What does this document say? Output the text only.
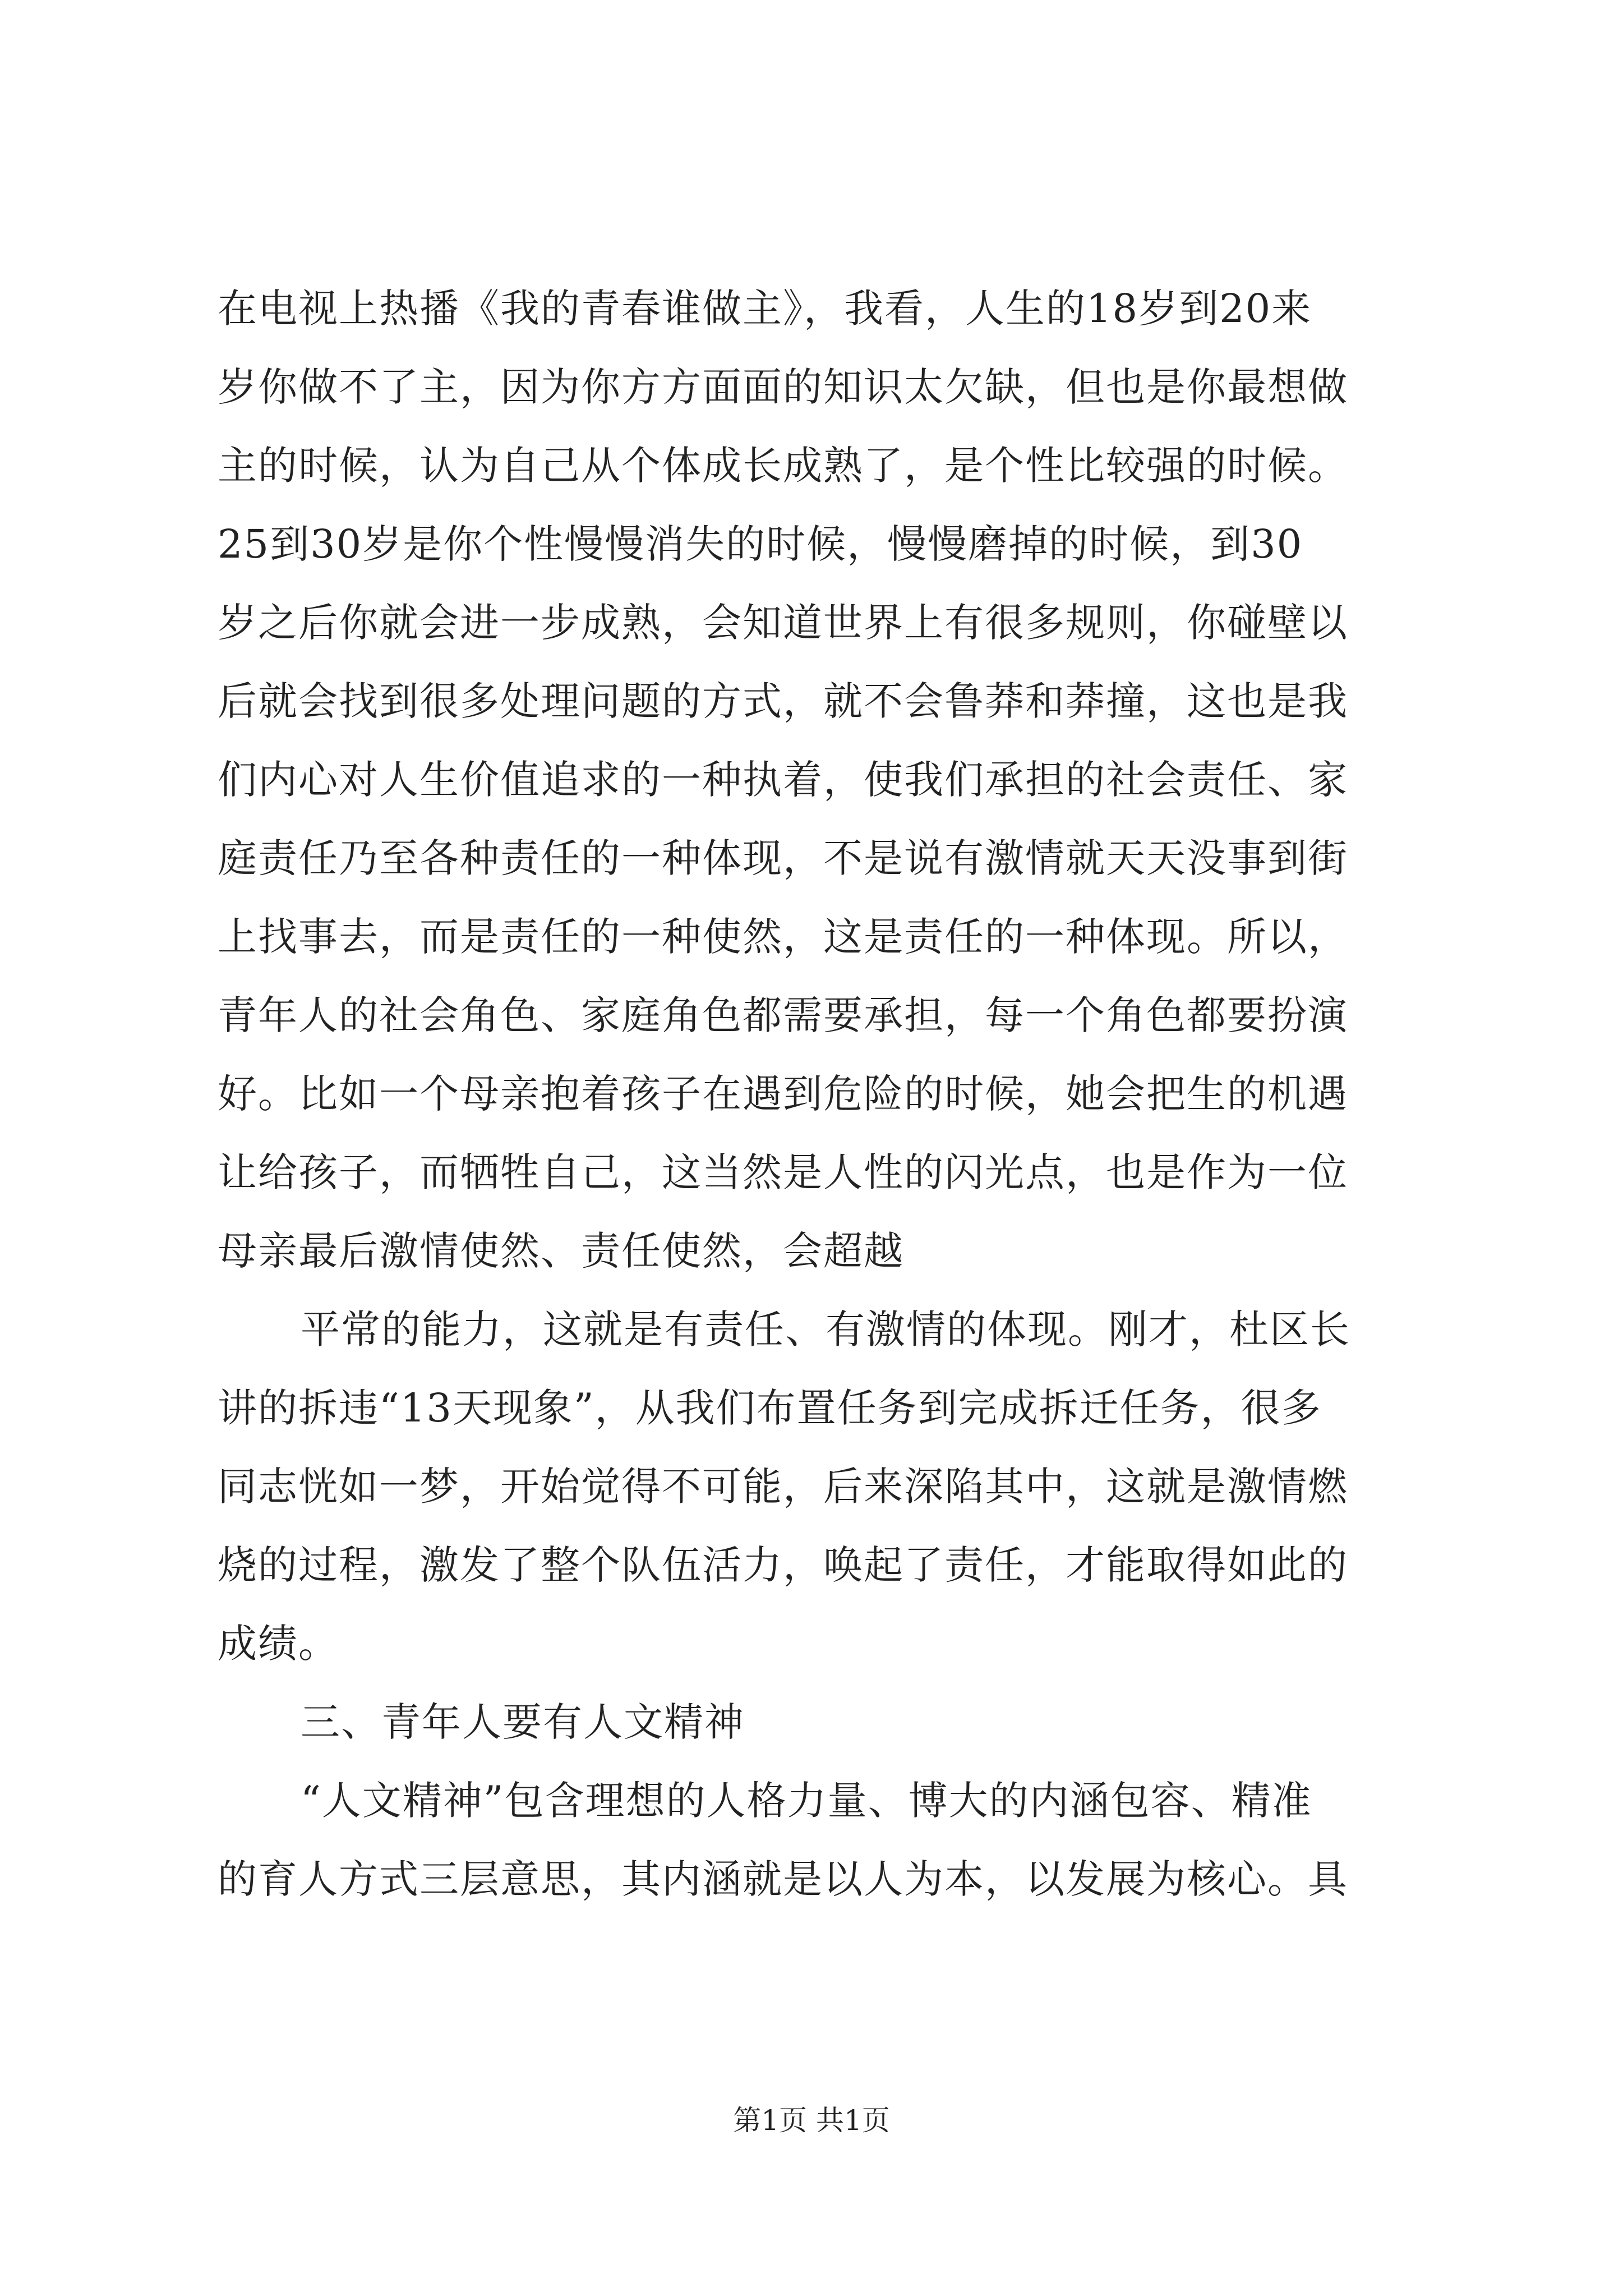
在电视上热播《我的青春谁做主》，我看，人生的18岁到20来
岁你做不了主，因为你方方面面的知识太欠缺，但也是你最想做
主的时候，认为自己从个体成长成熟了，是个性比较强的时候。
25到30岁是你个性慢慢消失的时候，慢慢磨掉的时候，到30
岁之后你就会进一步成熟，会知道世界上有很多规则，你碰壁以
后就会找到很多处理问题的方式，就不会鲁莽和莽撞，这也是我
们内心对人生价值追求的一种执着，使我们承担的社会责任、家
庭责任乃至各种责任的一种体现，不是说有激情就天天没事到街
上找事去，而是责任的一种使然，这是责任的一种体现。所以，
青年人的社会角色、家庭角色都需要承担，每一个角色都要扮演
好。比如一个母亲抱着孩子在遇到危险的时候，她会把生的机遇
让给孩子，而牺牲自己，这当然是人性的闪光点，也是作为一位
母亲最后激情使然、责任使然，会超越
平常的能力，这就是有责任、有激情的体现。刚才，杜区长
讲的拆违“13天现象”，从我们布置任务到完成拆迁任务，很多
同志恍如一梦，开始觉得不可能，后来深陷其中，这就是激情燃
烧的过程，激发了整个队伍活力，唤起了责任，才能取得如此的
成绩。
三、青年人要有人文精神
“人文精神”包含理想的人格力量、博大的内涵包容、精准
的育人方式三层意思，其内涵就是以人为本，以发展为核心。具
第1页 共1页
